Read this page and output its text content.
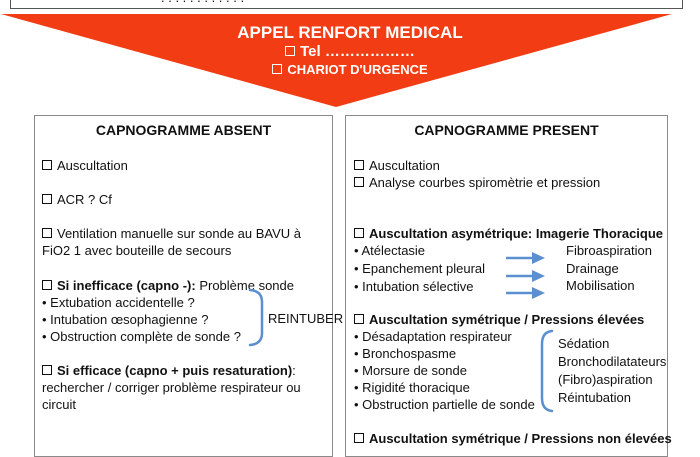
APPEL RENFORT MEDICAL
Tel ………………
CHARIOT D'URGENCE
CAPNOGRAMME ABSENT
Auscultation
ACR ? Cf
Ventilation manuelle sur sonde au BAVU à
FiO2 1 avec bouteille de secours
Si inefficace (capno -): Problème sonde
• Extubation accidentelle ?
• Intubation œsophagienne ?
• Obstruction complète de sonde ?
REINTUBER
Si efficace (capno + puis resaturation):
rechercher / corriger problème respirateur ou
circuit
CAPNOGRAMME PRESENT
Auscultation
Analyse courbes spiromètrie et pression
Auscultation asymétrique: Imagerie Thoracique
• Atélectasie
• Epanchement pleural
• Intubation sélective
Fibroaspiration
Drainage
Mobilisation
Auscultation symétrique / Pressions élevées
• Désadaptation respirateur
• Bronchospasme
• Morsure de sonde
• Rigidité thoracique
• Obstruction partielle de sonde
Sédation
Bronchodilatateurs
(Fibro)aspiration
Réintubation
Auscultation symétrique / Pressions non élevées
